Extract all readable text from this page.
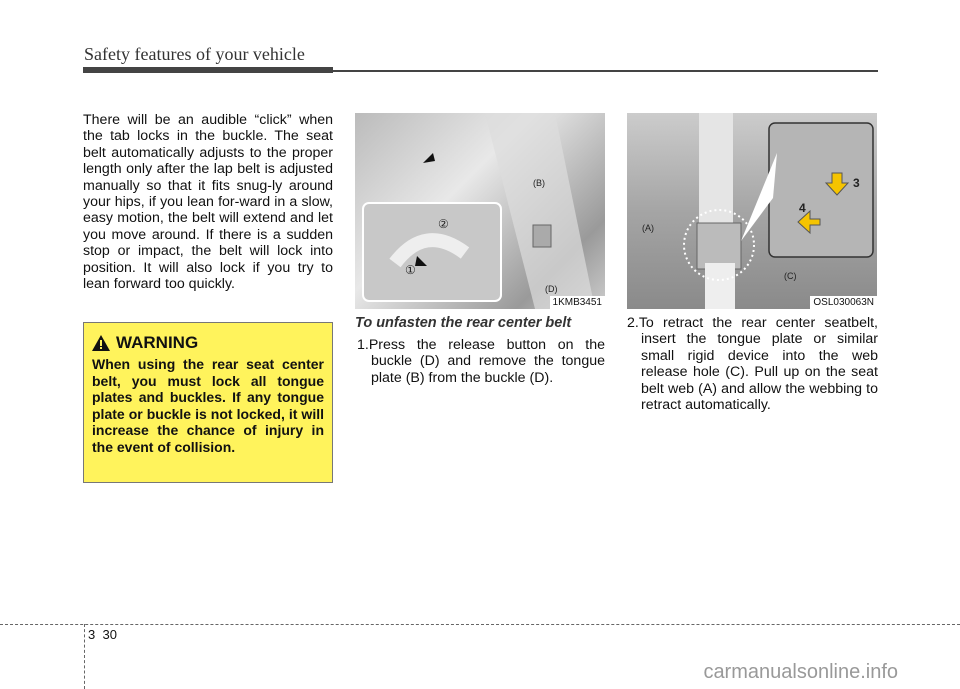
Safety features of your vehicle
There will be an audible “click” when the tab locks in the buckle. The seat belt automatically adjusts to the proper length only after the lap belt is adjusted manually so that it fits snug-ly around your hips, if you lean for-ward in a slow, easy motion, the belt will extend and let you move around. If there is a sudden stop or impact, the belt will lock into position. It will also lock if you try to lean forward too quickly.
WARNING

When using the rear seat center belt, you must lock all tongue plates and buckles. If any tongue plate or buckle is not locked, it will increase the chance of injury in the event of collision.

(B)
(D)
①
②
1KMB3451
(A)
(C)
3
4
OSL030063N
To unfasten the rear center belt
1.Press the release button on the buckle (D) and remove the tongue plate (B) from the buckle (D).
2.To retract the rear center seatbelt, insert the tongue plate or similar small rigid device into the web release hole (C). Pull up on the seat belt web (A) and allow the webbing to retract automatically.
3 30
carmanualsonline.info
